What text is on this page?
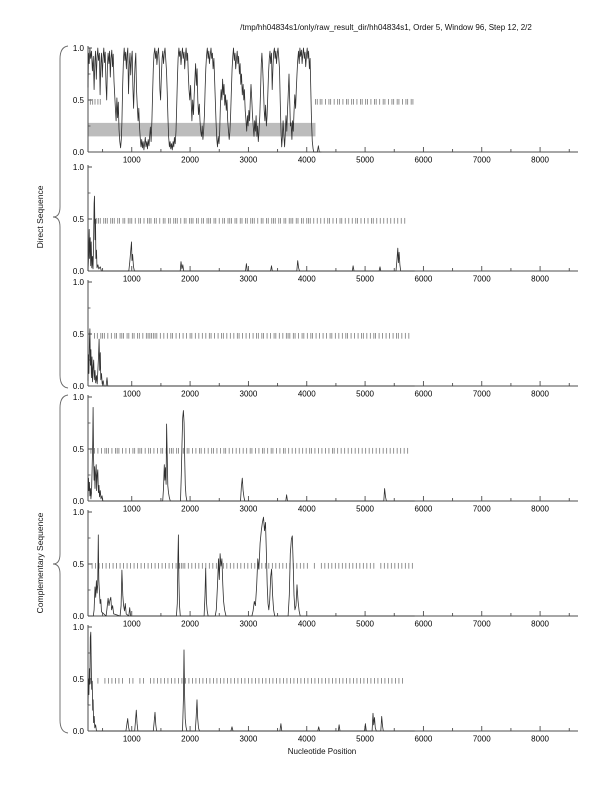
0.0
0.5
1.0
1000	2000	3000	4000	5000	6000	7000	8000
0.0
0.5
1.0
1000	2000	3000	4000	5000	6000	7000	8000
0.0
0.5
1.0
1000	2000	3000	4000	5000	6000	7000	8000
0.0
0.5
1.0
1000	2000	3000	4000	5000	6000	7000	8000
0.0
0.5
1.0
1000	2000	3000	4000	5000	6000	7000	8000
0.0
0.5
1.0
1000	2000	3000	4000	5000	6000	7000	8000
/tmp/hh04834s1/only/raw_result_dir/hh04834s1, Order 5, Window 96, Step 12, 2/2
Direct Sequence
Complementary Sequence
Nucleotide Position
